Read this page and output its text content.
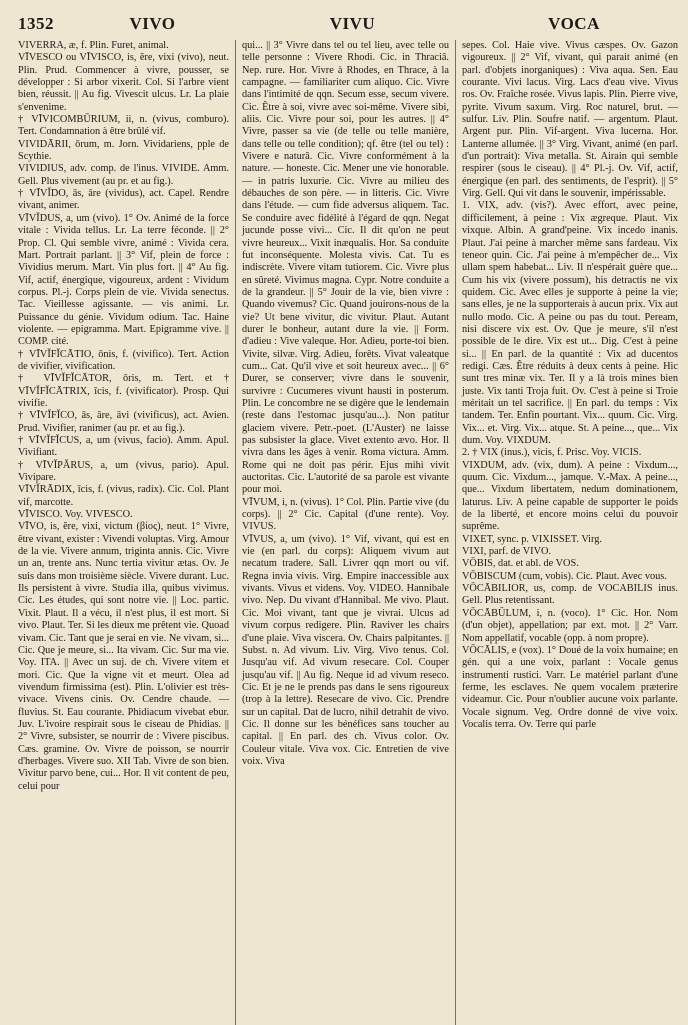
1352	VIVO	VIVU	VOCA

VIVERRA, æ, f. Plin. Furet, animal.

VĪVESCO ou VĪVISCO, is, ĕre, vixi (vivo), neut. Plin. Prud. Commencer à vivre, pousser, se développer : Si arbor vixerit. Col. Si l'arbre vient bien, réussit. || Au fig. Vivescit ulcus. Lr. La plaie s'envenime.

† VĪVICOMBŪRIUM, ii, n. (vivus, comburo). Tert. Condamnation à être brûlé vif.

VIVIDĀRII, ōrum, m. Jorn. Vividariens, pple de Scythie.

VIVIDIUS, adv. comp. de l'inus. VIVIDE. Amm. Gell. Plus vivement (au pr. et au fig.).

† VĪVĬDO, ās, āre (vividus), act. Capel. Rendre vivant, animer.

VĪVĬDUS, a, um (vivo). 1° Ov. Animé de la force vitale : Vivida tellus. Lr. La terre féconde. || 2° Prop. Cl. Qui semble vivre, animé : Vivida cera. Mart. Portrait parlant. || 3° Vif, plein de force : Vividius merum. Mart. Vin plus fort. || 4° Au fig. Vif, actif, énergique, vigoureux, ardent : Vividum corpus. Pl.-j. Corps plein de vie. Vivida senectus. Tac. Vieillesse agissante. — vis animi. Lr. Puissance du génie. Vividum odium. Tac. Haine violente. — epigramma. Mart. Epigramme vive. || COMP. cité.

† VĪVĬFĬCĀTIO, ōnis, f. (vivifico). Tert. Action de vivifier, vivification.

† VĪVĬFĬCĀTOR, ōris, m. Tert. et † VĪVĬFĬCĀTRIX, īcis, f. (vivificator). Prosp. Qui vivifie.

† VĪVĬFĬCO, ās, āre, āvi (vivificus), act. Avien. Prud. Vivifier, ranimer (au pr. et au fig.).

† VĪVĬFĬCUS, a, um (vivus, facio). Amm. Apul. Vivifiant.

† VĪVĬPĂRUS, a, um (vivus, pario). Apul. Vivipare.

VĪVĬRĀDIX, īcis, f. (vivus, radix). Cic. Col. Plant vif, marcotte.

VĪVISCO. Voy. VIVESCO.

VĪVO, is, ĕre, vixi, victum (βίος), neut. 1° Vivre, être vivant, exister : Vivendi voluptas. Virg. Amour de la vie. Vivere annum, triginta annis. Cic. Vivre un an, trente ans. Nunc tertia vivitur ætas. Ov. Je suis dans mon troisième siècle. Vivere durant. Luc. Ils persistent à vivre. Studia illa, quibus vivimus. Cic. Les études, qui sont notre vie. || Loc. partic. Vixit. Plaut. Il a vécu, il n'est plus, il est mort. Si vivo. Plaut. Ter. Si les dieux me prêtent vie. Quoad vivam. Cic. Tant que je serai en vie. Ne vivam, si... Cic. Que je meure, si... Ita vivam. Cic. Sur ma vie. Voy. ITA. || Avec un suj. de ch. Vivere vitem et mori. Cic. Que la vigne vit et meurt. Olea ad vivendum firmissima (est). Plin. L'olivier est très-vivace. Vivens cinis. Ov. Cendre chaude. — fluvius. St. Eau courante. Phidiacum vivebat ebur. Juv. L'ivoire respirait sous le ciseau de Phidias. || 2° Vivre, subsister, se nourrir de : Vivere piscibus. Cæs. gramine. Ov. Vivre de poisson, se nourrir d'herbages. Vivere suo. XII Tab. Vivre de son bien. Vivitur parvo bene, cui... Hor. Il vit content de peu, celui pour

qui... || 3° Vivre dans tel ou tel lieu, avec telle ou telle personne : Vivere Rhodi. Cic. in Thraciâ. Nep. rure. Hor. Vivre à Rhodes, en Thrace, à la campagne. — familiariter cum aliquo. Cic. Vivre dans l'intimité de qqn. Secum esse, secum vivere. Cic. Être à soi, vivre avec soi-même. Vivere sibi, aliis. Cic. Vivre pour soi, pour les autres. || 4° Vivre, passer sa vie (de telle ou telle manière, dans telle ou telle condition); qf. être (tel ou tel) : Vivere e naturâ. Cic. Vivre conformément à la nature. — honeste. Cic. Mener une vie honorable. — in patris luxurie. Cic. Vivre au milieu des débauches de son père. — in litteris. Cic. Vivre dans l'étude. — cum fide adversus aliquem. Tac. Se conduire avec fidélité à l'égard de qqn. Negat jucunde posse vivi... Cic. Il dit qu'on ne peut vivre heureux... Vixit inæqualis. Hor. Sa conduite fut inconséquente. Molesta vivis. Cat. Tu es indiscrète. Vivere vitam tutiorem. Cic. Vivre plus en sûreté. Vivimus magna. Cypr. Notre conduite a de la grandeur. || 5° Jouir de la vie, bien vivre : Quando vivemus? Cic. Quand jouirons-nous de la vie? Ut bene vivitur, dic vivitur. Plaut. Autant durer le bonheur, autant dure la vie. || Form. d'adieu : Vive valeque. Hor. Adieu, porte-toi bien. Vivite, silvæ. Virg. Adieu, forêts. Vivat valeatque cum... Cat. Qu'il vive et soit heureux avec... || 6° Durer, se conserver; vivre dans le souvenir, survivre : Cucumeres vivunt hausti in posterum. Plin. Le concombre ne se digère que le lendemain (reste dans l'estomac jusqu'au...). Non patitur glaciem vivere. Petr.-poet. (L'Auster) ne laisse pas subsister la glace. Vivet extento ævo. Hor. Il vivra dans les âges à venir. Roma victura. Amm. Rome qui ne doit pas périr. Ejus mihi vivit auctoritas. Cic. L'autorité de sa parole est vivante pour moi.

VĪVUM, i, n. (vivus). 1° Col. Plin. Partie vive (du corps). || 2° Cic. Capital (d'une rente). Voy. VIVUS.

VĪVUS, a, um (vivo). 1° Vif, vivant, qui est en vie (en parl. du corps): Aliquem vivum aut necatum tradere. Sall. Livrer qqn mort ou vif. Regna invia vivis. Virg. Empire inaccessible aux vivants. Vivus et videns. Voy. VIDEO. Hannibale vivo. Nep. Du vivant d'Hannibal. Me vivo. Plaut. Cic. Moi vivant, tant que je vivrai. Ulcus ad vivum corpus redigere. Plin. Raviver les chairs d'une plaie. Viva viscera. Ov. Chairs palpitantes. || Subst. n. Ad vivum. Liv. Virg. Vivo tenus. Col. Jusqu'au vif. Ad vivum resecare. Col. Couper jusqu'au vif. || Au fig. Neque id ad vivum reseco. Cic. Et je ne le prends pas dans le sens rigoureux (trop à la lettre). Resecare de vivo. Cic. Prendre sur un capital. Dat de lucro, nihil detrahit de vivo. Cic. Il donne sur les bénéfices sans toucher au capital. || En parl. des ch. Vivus color. Ov. Couleur vitale. Viva vox. Cic. Entretien de vive voix. Viva

sepes. Col. Haie vive. Vivus cæspes. Ov. Gazon vigoureux. || 2° Vif, vivant, qui parait animé (en parl. d'objets inorganiques) : Viva aqua. Sen. Eau courante. Vivi lacus. Virg. Lacs d'eau vive. Vivus ros. Ov. Fraîche rosée. Vivus lapis. Plin. Pierre vive, pyrite. Vivum saxum. Virg. Roc naturel, brut. — sulfur. Liv. Plin. Soufre natif. — argentum. Plaut. Argent pur. Plin. Vif-argent. Viva lucerna. Hor. Lanterne allumée. || 3° Virg. Vivant, animé (en parl. d'un portrait): Viva metalla. St. Airain qui semble respirer (sous le ciseau). || 4° Pl.-j. Ov. Vif, actif, énergique (en parl. des sentiments, de l'esprit). || 5° Virg. Gell. Qui vit dans le souvenir, impérissable.

1. VIX, adv. (vis?). Avec effort, avec peine, difficilement, à peine : Vix ægreque. Plaut. Vix vixque. Albin. A grand'peine. Vix incedo inanis. Plaut. J'ai peine à marcher même sans fardeau. Vix teneor quin. Cic. J'ai peine à m'empêcher de... Vix ullam spem habebat... Liv. Il n'espérait guère que... Cum his vix (vivere possum), his detractis ne vix quidem. Cic. Avec elles je supporte à peine la vie; sans elles, je ne la supporterais à aucun prix. Vix aut nullo modo. Cic. A peine ou pas du tout. Peream, nisi discere vix est. Ov. Que je meure, s'il n'est possible de le dire. Vix est ut... Dig. C'est à peine si... || En parl. de la quantité : Vix ad ducentos redigi. Cæs. Être réduits à deux cents à peine. Hic sunt tres minæ vix. Ter. Il y a là trois mines bien juste. Vix tanti Troja fuit. Ov. C'est à peine si Troie méritait un tel sacrifice. || En parl. du temps : Vix tandem. Ter. Enfin pourtant. Vix... quum. Cic. Virg. Vix... et. Virg. Vix... atque. St. A peine..., que... Vix dum. Voy. VIXDUM.

2. † VIX (inus.), vicis, f. Prisc. Voy. VICIS.

VIXDUM, adv. (vix, dum). A peine : Vixdum..., quum. Cic. Vixdum..., jamque. V.-Max. A peine..., que... Vixdum libertatem, nedum dominationem, laturus. Liv. A peine capable de supporter le poids de la liberté, et encore moins celui du pouvoir suprême.

VIXET, sync. p. VIXISSET. Virg.

VIXI, parf. de VIVO.

VŌBIS, dat. et abl. de VOS.

VŌBISCUM (cum, vobis). Cic. Plaut. Avec vous.

VŌCĀBILIOR, us, comp. de VOCABILIS inus. Gell. Plus retentissant.

VŌCĀBŬLUM, i, n. (voco). 1° Cic. Hor. Nom (d'un objet), appellation; par ext. mot. || 2° Varr. Nom appellatif, vocable (opp. à nom propre).

VŌCĀLIS, e (vox). 1° Doué de la voix humaine; en gén. qui a une voix, parlant : Vocale genus instrumenti rustici. Varr. Le matériel parlant d'une ferme, les esclaves. Ne quem vocalem præterire videamur. Cic. Pour n'oublier aucune voix parlante. Vocale signum. Veg. Ordre donné de vive voix. Vocalis terra. Ov. Terre qui parle
